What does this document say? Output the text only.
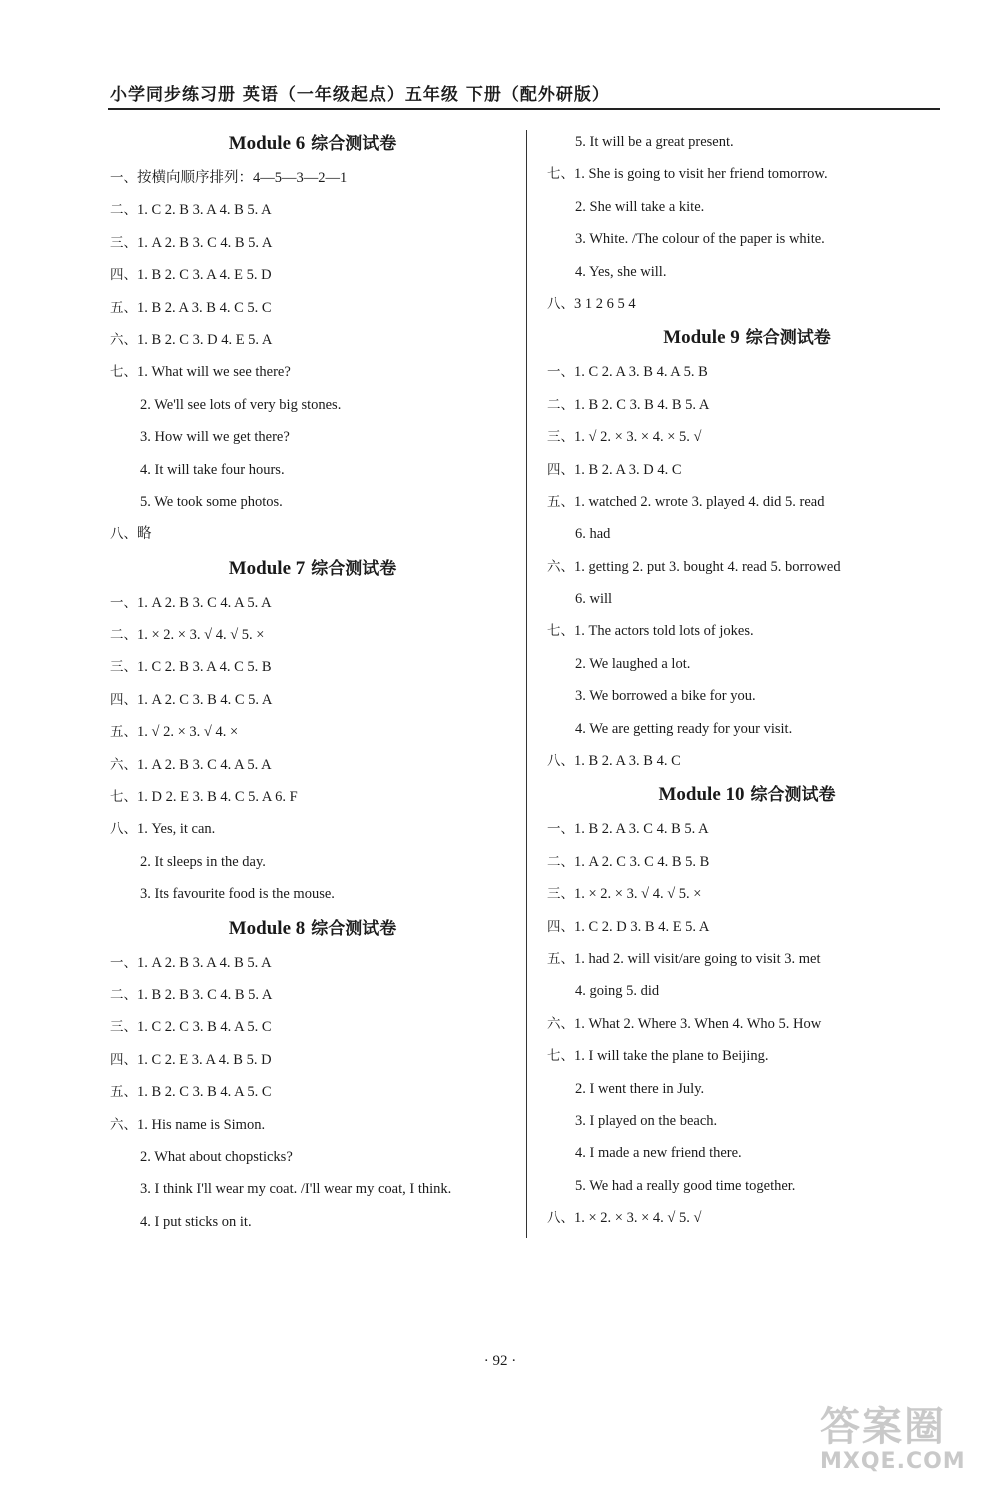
小学同步练习册 英语（一年级起点）五年级 下册（配外研版）
Module 6 综合测试卷
一、按横向顺序排列：4—5—3—2—1
二、1. C 2. B 3. A 4. B 5. A
三、1. A 2. B 3. C 4. B 5. A
四、1. B 2. C 3. A 4. E 5. D
五、1. B 2. A 3. B 4. C 5. C
六、1. B 2. C 3. D 4. E 5. A
七、1. What will we see there?
2. We'll see lots of very big stones.
3. How will we get there?
4. It will take four hours.
5. We took some photos.
八、略
Module 7 综合测试卷
一、1. A 2. B 3. C 4. A 5. A
二、1. × 2. × 3. √ 4. √ 5. ×
三、1. C 2. B 3. A 4. C 5. B
四、1. A 2. C 3. B 4. C 5. A
五、1. √ 2. × 3. √ 4. ×
六、1. A 2. B 3. C 4. A 5. A
七、1. D 2. E 3. B 4. C 5. A 6. F
八、1. Yes, it can.
2. It sleeps in the day.
3. Its favourite food is the mouse.
Module 8 综合测试卷
一、1. A 2. B 3. A 4. B 5. A
二、1. B 2. B 3. C 4. B 5. A
三、1. C 2. C 3. B 4. A 5. C
四、1. C 2. E 3. A 4. B 5. D
五、1. B 2. C 3. B 4. A 5. C
六、1. His name is Simon.
2. What about chopsticks?
3. I think I'll wear my coat. /I'll wear my coat, I think.
4. I put sticks on it.
5. It will be a great present.
七、1. She is going to visit her friend tomorrow.
2. She will take a kite.
3. White. /The colour of the paper is white.
4. Yes, she will.
八、3 1 2 6 5 4
Module 9 综合测试卷
一、1. C 2. A 3. B 4. A 5. B
二、1. B 2. C 3. B 4. B 5. A
三、1. √ 2. × 3. × 4. × 5. √
四、1. B 2. A 3. D 4. C
五、1. watched 2. wrote 3. played 4. did 5. read
6. had
六、1. getting 2. put 3. bought 4. read 5. borrowed
6. will
七、1. The actors told lots of jokes.
2. We laughed a lot.
3. We borrowed a bike for you.
4. We are getting ready for your visit.
八、1. B 2. A 3. B 4. C
Module 10 综合测试卷
一、1. B 2. A 3. C 4. B 5. A
二、1. A 2. C 3. C 4. B 5. B
三、1. × 2. × 3. √ 4. √ 5. ×
四、1. C 2. D 3. B 4. E 5. A
五、1. had 2. will visit/are going to visit 3. met
4. going 5. did
六、1. What 2. Where 3. When 4. Who 5. How
七、1. I will take the plane to Beijing.
2. I went there in July.
3. I played on the beach.
4. I made a new friend there.
5. We had a really good time together.
八、1. × 2. × 3. × 4. √ 5. √
· 92 ·
答案圈
MXQE.COM
